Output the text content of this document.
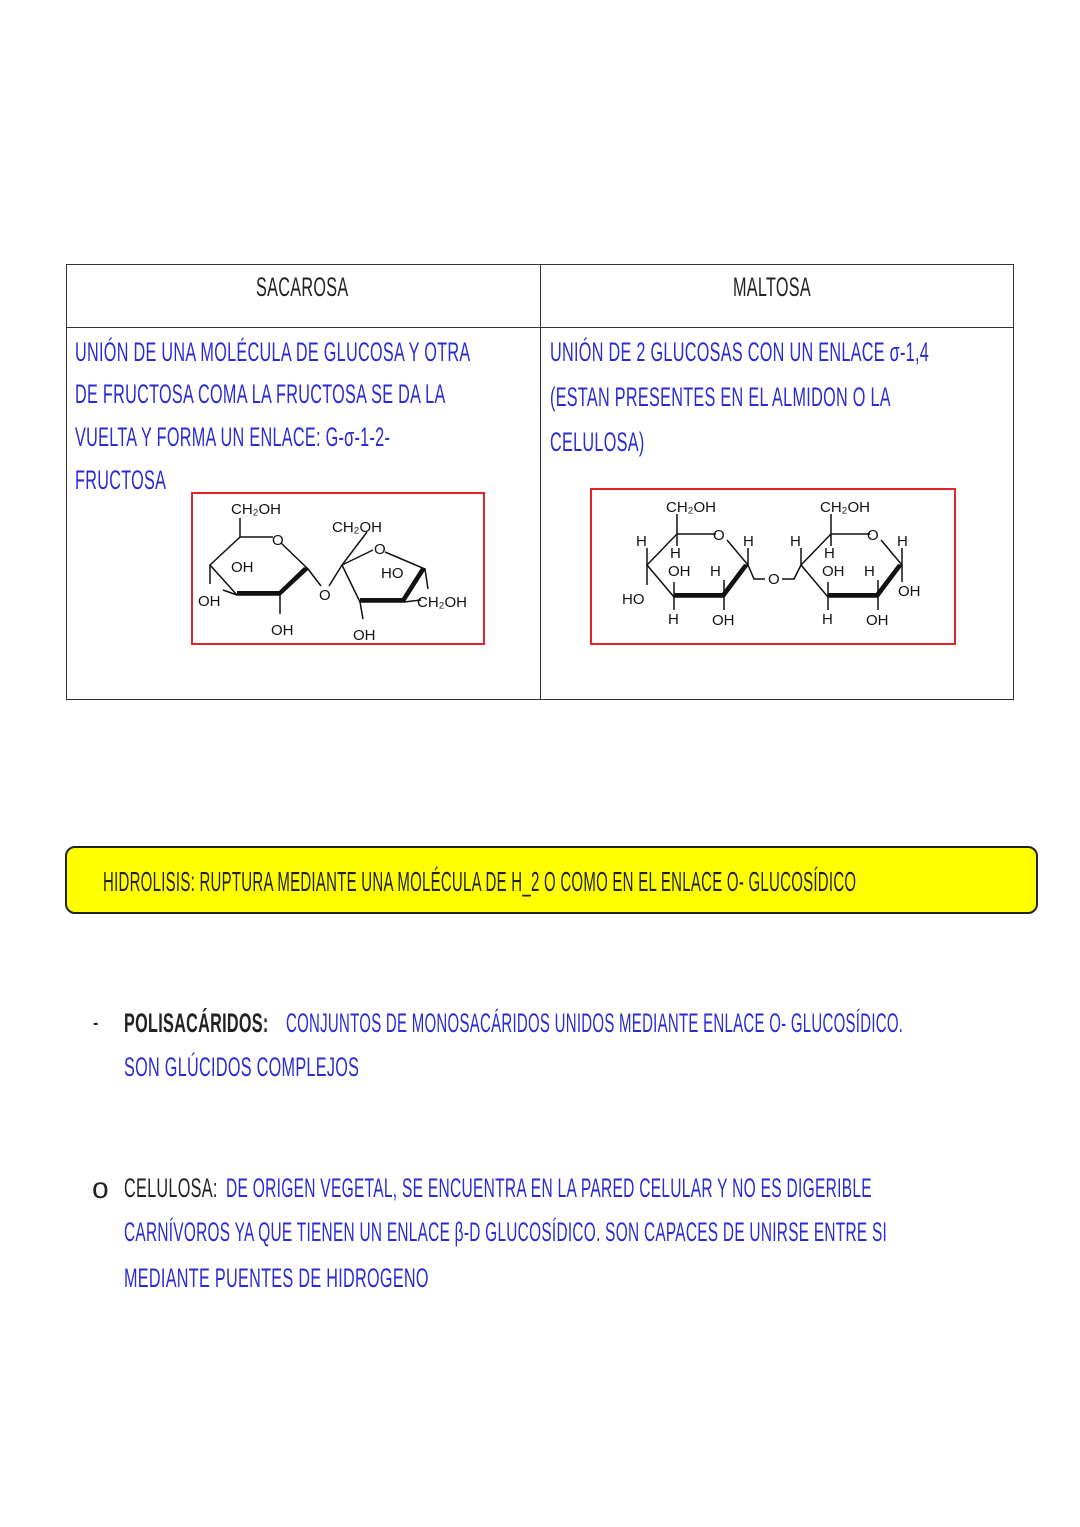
SACAROSA	MALTOSA
UNIÓN DE UNA MOLÉCULA DE GLUCOSA Y OTRA
DE FRUCTOSA COMA LA FRUCTOSA SE DA LA
VUELTA Y FORMA UN ENLACE: G-σ-1-2-
FRUCTOSA
UNIÓN DE 2 GLUCOSAS CON UN ENLACE σ-1,4
(ESTAN PRESENTES EN EL ALMIDON O LA
CELULOSA)
CH₂OH
O
OH
OH
OH
O
CH₂OH
O
HO
CH₂OH
OH
CH₂OH
O
H
H
H
OH H
HO
H OH
O
CH₂OH
O
H
H
H
OH H
OH
H OH
HIDROLISIS: RUPTURA MEDIANTE UNA MOLÉCULA DE H_2 O COMO EN EL ENLACE O- GLUCOSÍDICO
- POLISACÁRIDOS: CONJUNTOS DE MONOSACÁRIDOS UNIDOS MEDIANTE ENLACE O- GLUCOSÍDICO.
SON GLÚCIDOS COMPLEJOS
o CELULOSA: DE ORIGEN VEGETAL, SE ENCUENTRA EN LA PARED CELULAR Y NO ES DIGERIBLE
CARNÍVOROS YA QUE TIENEN UN ENLACE β-D GLUCOSÍDICO. SON CAPACES DE UNIRSE ENTRE SI
MEDIANTE PUENTES DE HIDROGENO
